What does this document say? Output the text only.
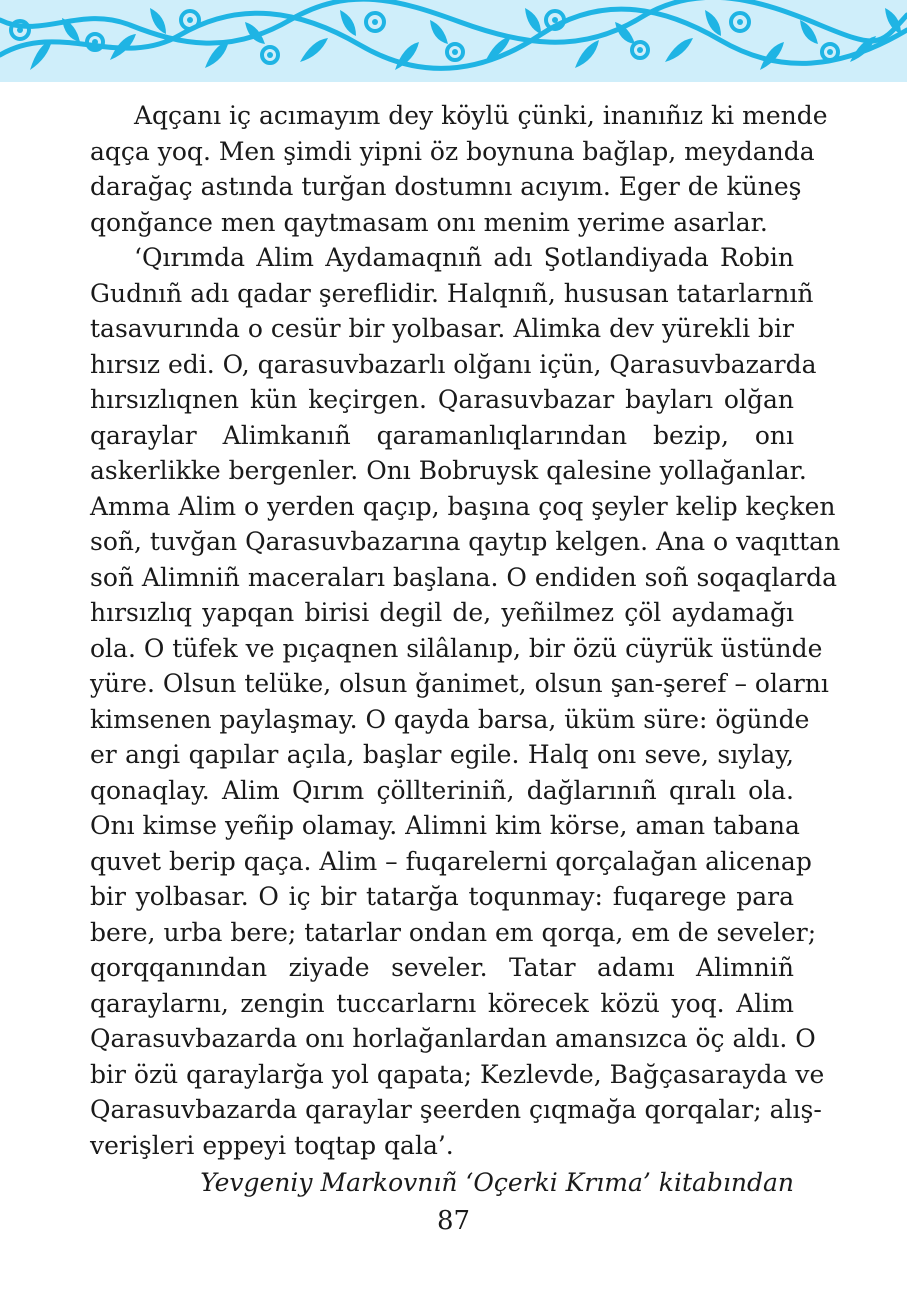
Aqçanı iç acımayım dey köylü çünki, inanıñız ki mende
aqça yoq. Men şimdi yipni öz boynuna bağlap, meydanda
darağaç astında turğan dostumnı acıyım. Eger de küneş
qonğance men qaytmasam onı menim yerime asarlar.

‘Qırımda Alim Aydamaqnıñ adı Şotlandiyada Robin
Gudnıñ adı qadar şereflidir. Halqnıñ, hususan tatarlarnıñ
tasavurında o cesür bir yolbasar. Alimka dev yürekli bir
hırsız edi. O, qarasuvbazarlı olğanı içün, Qarasuvbazarda
hırsızlıqnen kün keçirgen. Qarasuvbazar bayları olğan
qaraylar Alimkanıñ qaramanlıqlarından bezip, onı
askerlikke bergenler. Onı Bobruysk qalesine yollağanlar.
Amma Alim o yerden qaçıp, başına çoq şeyler kelip keçken
soñ, tuvğan Qarasuvbazarına qaytıp kelgen. Ana o vaqıttan
soñ Alimniñ maceraları başlana. O endiden soñ soqaqlarda
hırsızlıq yapqan birisi degil de, yeñilmez çöl aydamağı
ola. O tüfek ve pıçaqnen silâlanıp, bir özü cüyrük üstünde
yüre. Olsun telüke, olsun ğanimet, olsun şan-şeref – olarnı
kimsenen paylaşmay. O qayda barsa, üküm süre: ögünde
er angi qapılar açıla, başlar egile. Halq onı seve, sıylay,
qonaqlay. Alim Qırım çöllteriniñ, dağlarınıñ qıralı ola.
Onı kimse yeñip olamay. Alimni kim körse, aman tabana
quvet berip qaça. Alim – fuqarelerni qorçalağan alicenap
bir yolbasar. O iç bir tatarğa toqunmay: fuqarege para
bere, urba bere; tatarlar ondan em qorqa, em de seveler;
qorqqanından ziyade seveler. Tatar adamı Alimniñ
qaraylarnı, zengin tuccarlarnı körecek közü yoq. Alim
Qarasuvbazarda onı horlağanlardan amansızca öç aldı. O
bir özü qaraylarğa yol qapata; Kezlevde, Bağçasarayda ve
Qarasuvbazarda qaraylar şeerden çıqmağa qorqalar; alış-
verişleri eppeyi toqtap qala’.

Yevgeniy Markovnıñ ‘Oçerki Krıma’ kitabından

87
